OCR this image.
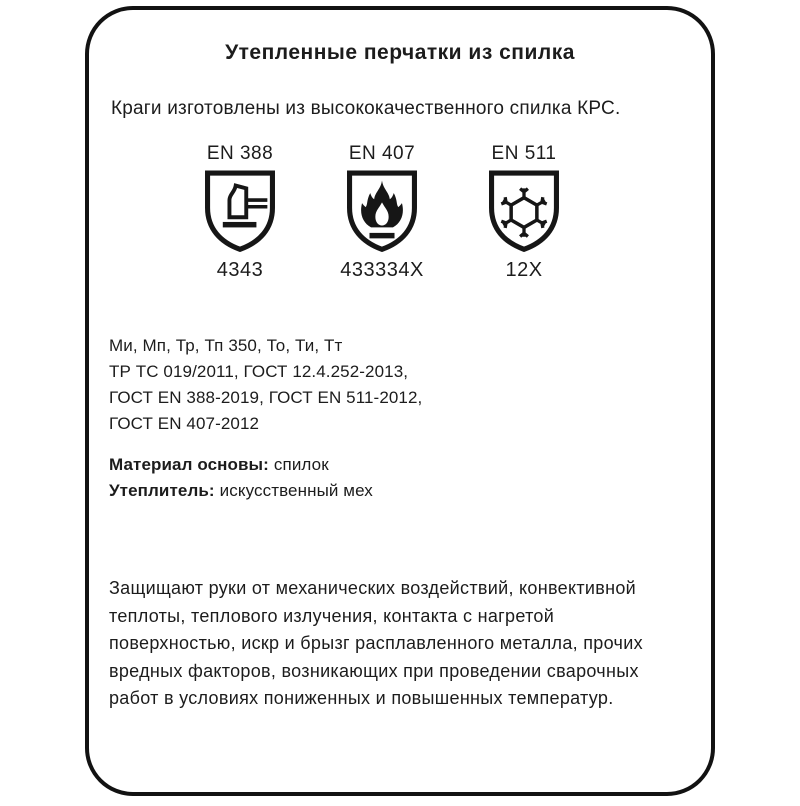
Утепленные перчатки из спилка
Краги изготовлены из высококачественного спилка КРС.
EN 388
4343
EN 407
433334X
EN 511
12X
Ми, Мп, Тр, Тп 350, То, Ти, Тт
ТР ТС 019/2011, ГОСТ 12.4.252-2013,
ГОСТ EN 388-2019, ГОСТ EN 511-2012,
ГОСТ EN 407-2012
Материал основы: спилок
Утеплитель: искусственный мех
Защищают руки от механических воздействий, конвективной
теплоты, теплового излучения, контакта с нагретой
поверхностью, искр и брызг расплавленного металла, прочих
вредных факторов, возникающих при проведении сварочных
работ в условиях пониженных и повышенных температур.
